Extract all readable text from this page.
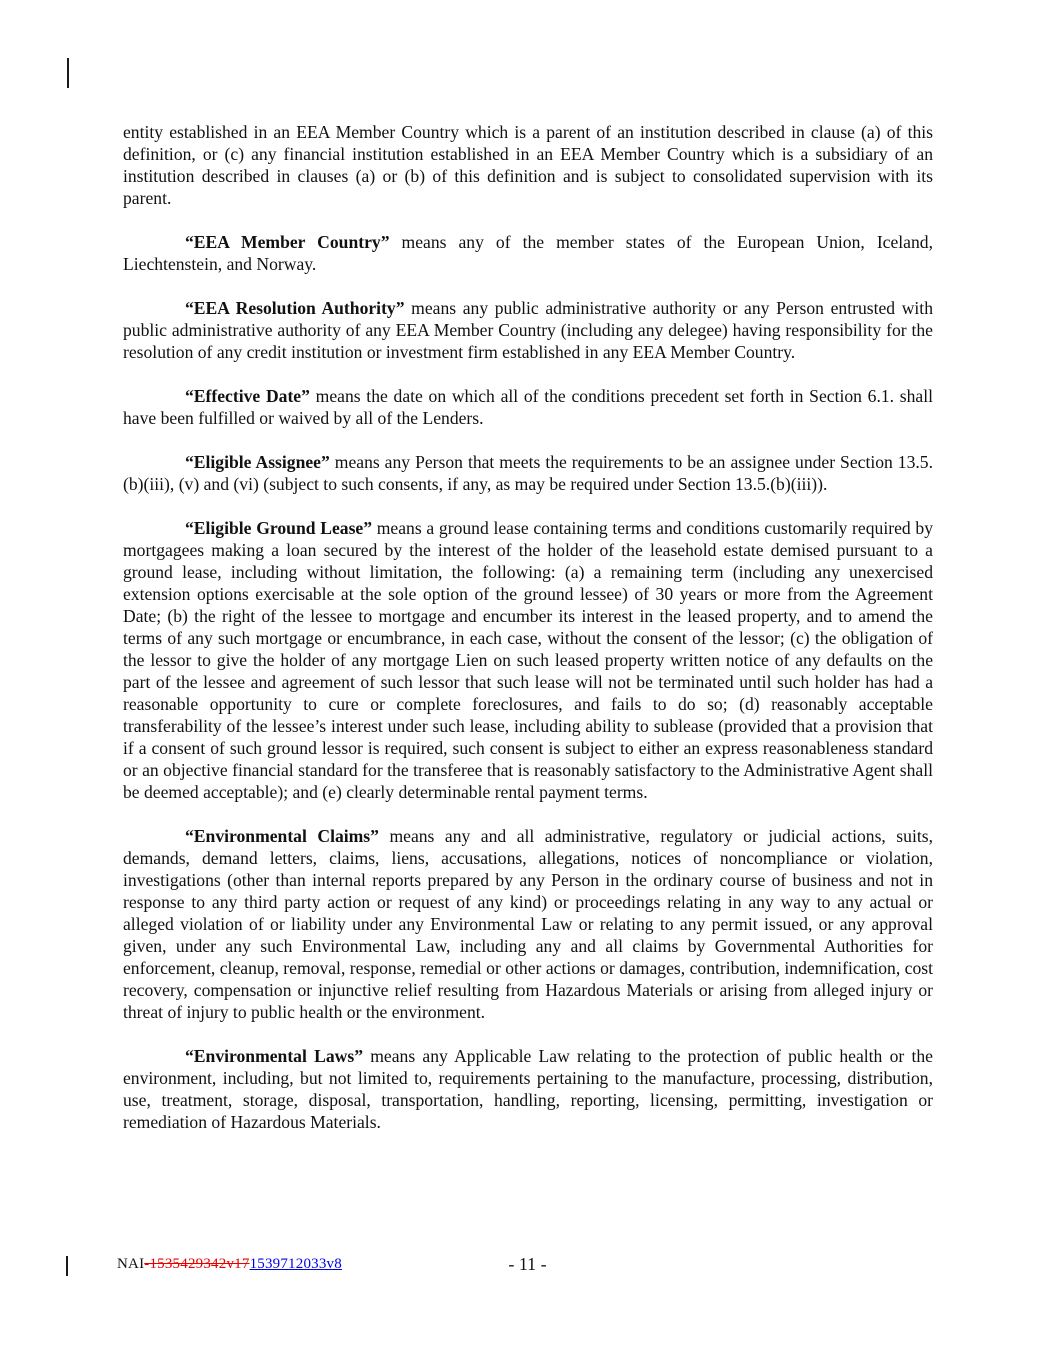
entity established in an EEA Member Country which is a parent of an institution described in clause (a) of this definition, or (c) any financial institution established in an EEA Member Country which is a subsidiary of an institution described in clauses (a) or (b) of this definition and is subject to consolidated supervision with its parent.

“EEA Member Country” means any of the member states of the European Union, Iceland, Liechtenstein, and Norway.

“EEA Resolution Authority” means any public administrative authority or any Person entrusted with public administrative authority of any EEA Member Country (including any delegee) having responsibility for the resolution of any credit institution or investment firm established in any EEA Member Country.

“Effective Date” means the date on which all of the conditions precedent set forth in Section 6.1. shall have been fulfilled or waived by all of the Lenders.

“Eligible Assignee” means any Person that meets the requirements to be an assignee under Section 13.5.(b)(iii), (v) and (vi) (subject to such consents, if any, as may be required under Section 13.5.(b)(iii)).

“Eligible Ground Lease” means a ground lease containing terms and conditions customarily required by mortgagees making a loan secured by the interest of the holder of the leasehold estate demised pursuant to a ground lease, including without limitation, the following: (a) a remaining term (including any unexercised extension options exercisable at the sole option of the ground lessee) of 30 years or more from the Agreement Date; (b) the right of the lessee to mortgage and encumber its interest in the leased property, and to amend the terms of any such mortgage or encumbrance, in each case, without the consent of the lessor; (c) the obligation of the lessor to give the holder of any mortgage Lien on such leased property written notice of any defaults on the part of the lessee and agreement of such lessor that such lease will not be terminated until such holder has had a reasonable opportunity to cure or complete foreclosures, and fails to do so; (d) reasonably acceptable transferability of the lessee’s interest under such lease, including ability to sublease (provided that a provision that if a consent of such ground lessor is required, such consent is subject to either an express reasonableness standard or an objective financial standard for the transferee that is reasonably satisfactory to the Administrative Agent shall be deemed acceptable); and (e) clearly determinable rental payment terms.

“Environmental Claims” means any and all administrative, regulatory or judicial actions, suits, demands, demand letters, claims, liens, accusations, allegations, notices of noncompliance or violation, investigations (other than internal reports prepared by any Person in the ordinary course of business and not in response to any third party action or request of any kind) or proceedings relating in any way to any actual or alleged violation of or liability under any Environmental Law or relating to any permit issued, or any approval given, under any such Environmental Law, including any and all claims by Governmental Authorities for enforcement, cleanup, removal, response, remedial or other actions or damages, contribution, indemnification, cost recovery, compensation or injunctive relief resulting from Hazardous Materials or arising from alleged injury or threat of injury to public health or the environment.

“Environmental Laws” means any Applicable Law relating to the protection of public health or the environment, including, but not limited to, requirements pertaining to the manufacture, processing, distribution, use, treatment, storage, disposal, transportation, handling, reporting, licensing, permitting, investigation or remediation of Hazardous Materials.

NAI-1535429342v171539712033v8	- 11 -
